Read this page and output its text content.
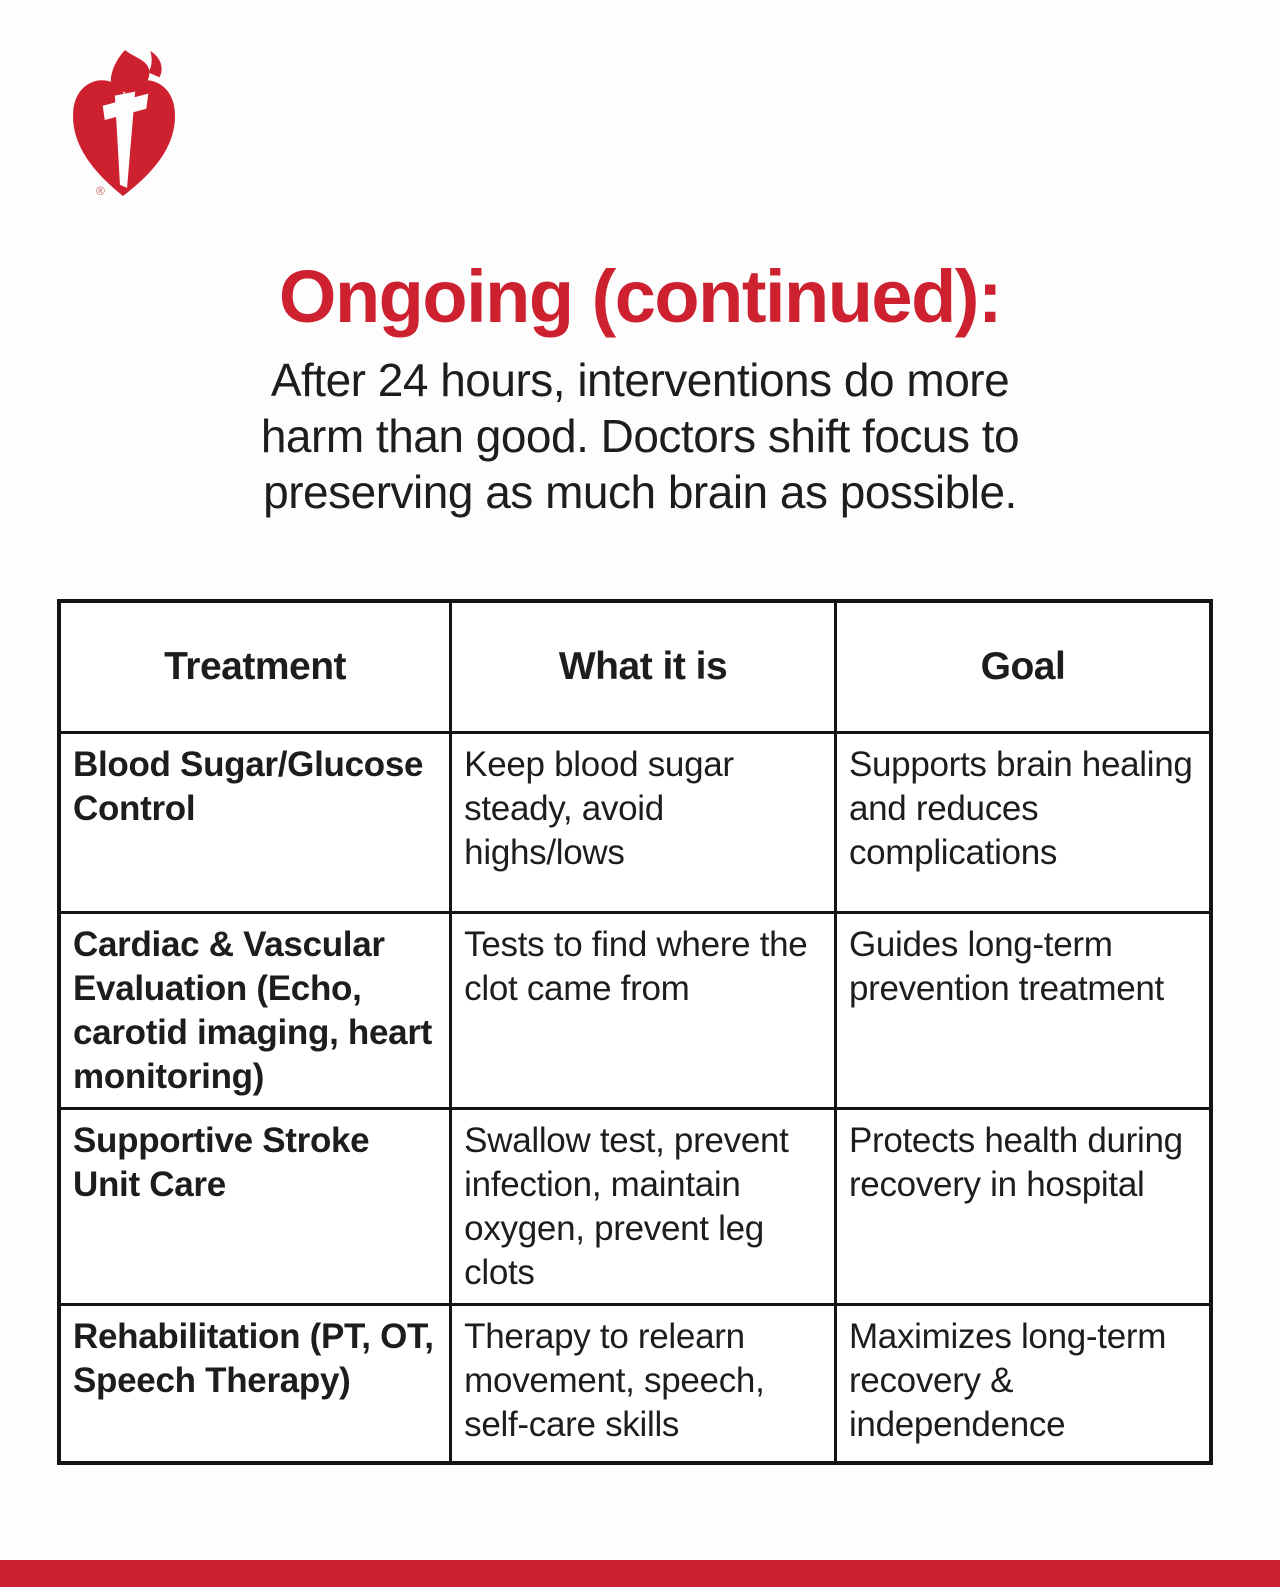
®
Ongoing (continued):
After 24 hours, interventions do more
harm than good. Doctors shift focus to
preserving as much brain as possible.
Treatment	What it is	Goal
Blood Sugar/Glucose Control	Keep blood sugar steady, avoid highs/lows	Supports brain healing and reduces complications
Cardiac & Vascular Evaluation (Echo, carotid imaging, heart monitoring)	Tests to find where the clot came from	Guides long-term prevention treatment
Supportive Stroke Unit Care	Swallow test, prevent infection, maintain oxygen, prevent leg clots	Protects health during recovery in hospital
Rehabilitation (PT, OT, Speech Therapy)	Therapy to relearn movement, speech, self-care skills	Maximizes long-term recovery & independence
